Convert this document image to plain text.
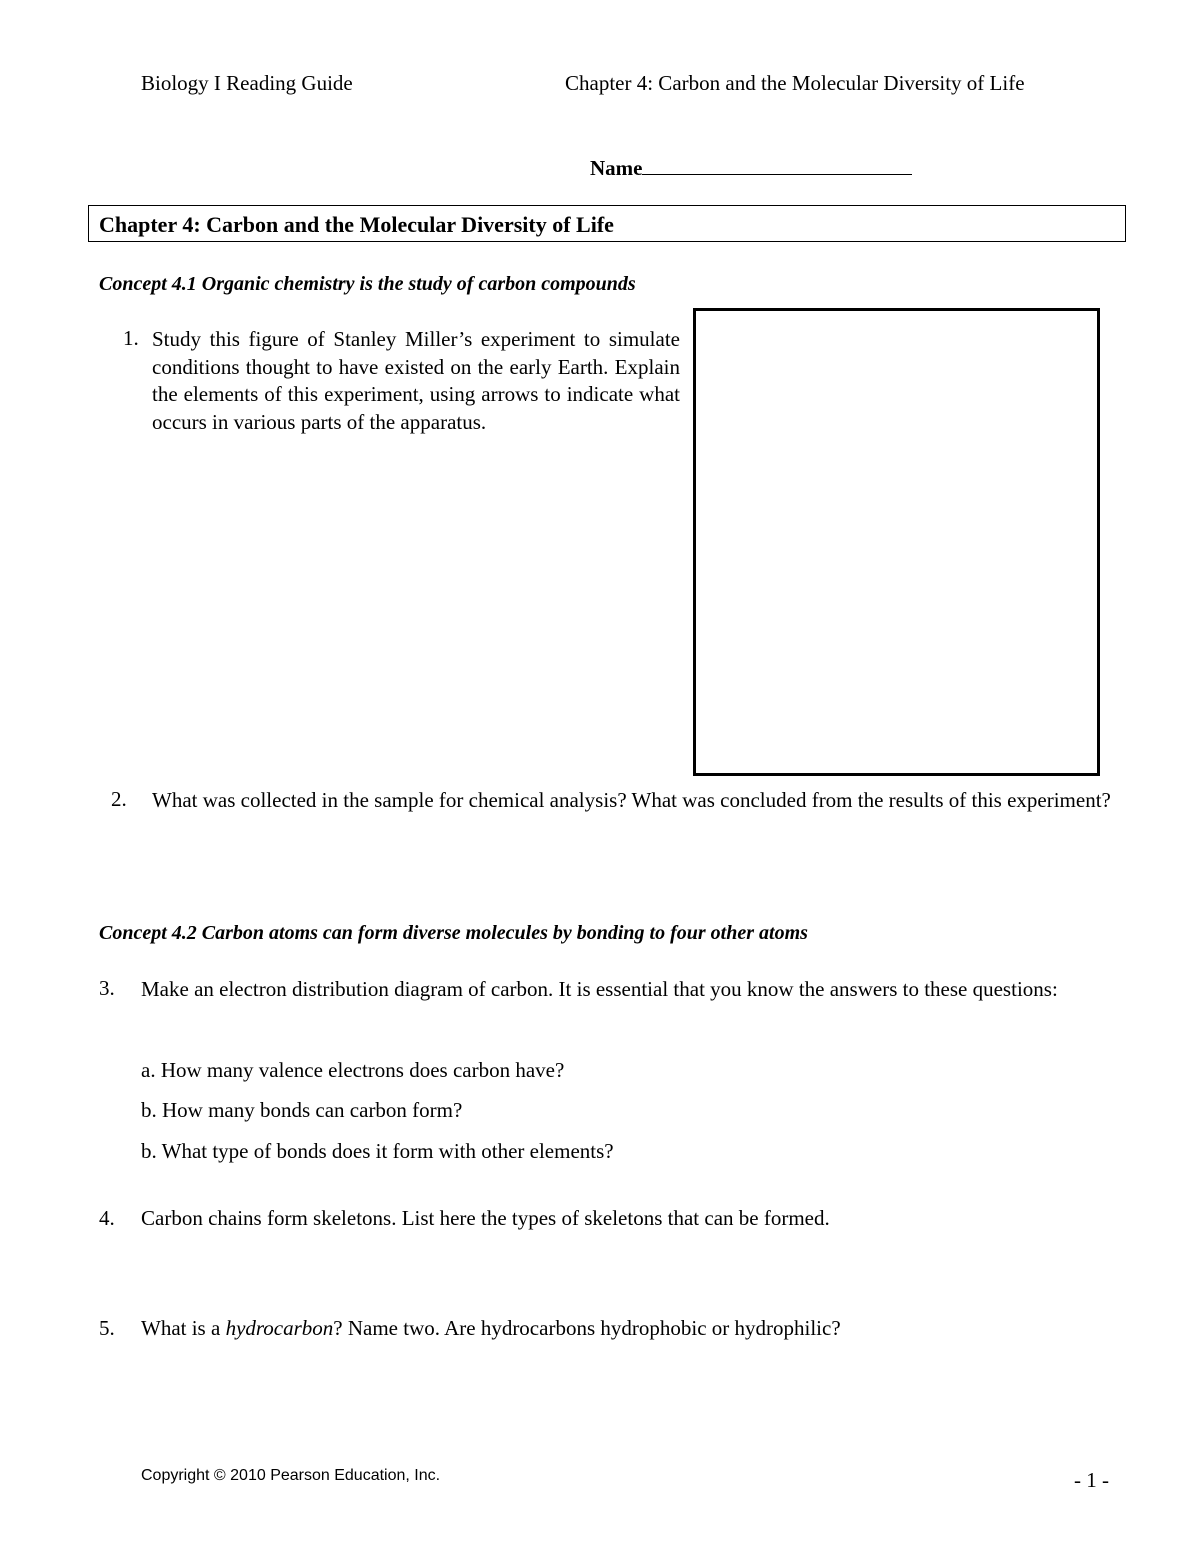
Biology I Reading Guide	Chapter 4: Carbon and the Molecular Diversity of Life
Name
Chapter 4: Carbon and the Molecular Diversity of Life
Concept 4.1 Organic chemistry is the study of carbon compounds
1. Study this figure of Stanley Miller’s experiment to simulate conditions thought to have existed on the early Earth. Explain the elements of this experiment, using arrows to indicate what occurs in various parts of the apparatus.
2. What was collected in the sample for chemical analysis? What was concluded from the results of this experiment?
Concept 4.2 Carbon atoms can form diverse molecules by bonding to four other atoms
3. Make an electron distribution diagram of carbon. It is essential that you know the answers to these questions:
a. How many valence electrons does carbon have?
b. How many bonds can carbon form?
b. What type of bonds does it form with other elements?
4. Carbon chains form skeletons. List here the types of skeletons that can be formed.
5. What is a hydrocarbon? Name two. Are hydrocarbons hydrophobic or hydrophilic?
Copyright © 2010 Pearson Education, Inc.	- 1 -
